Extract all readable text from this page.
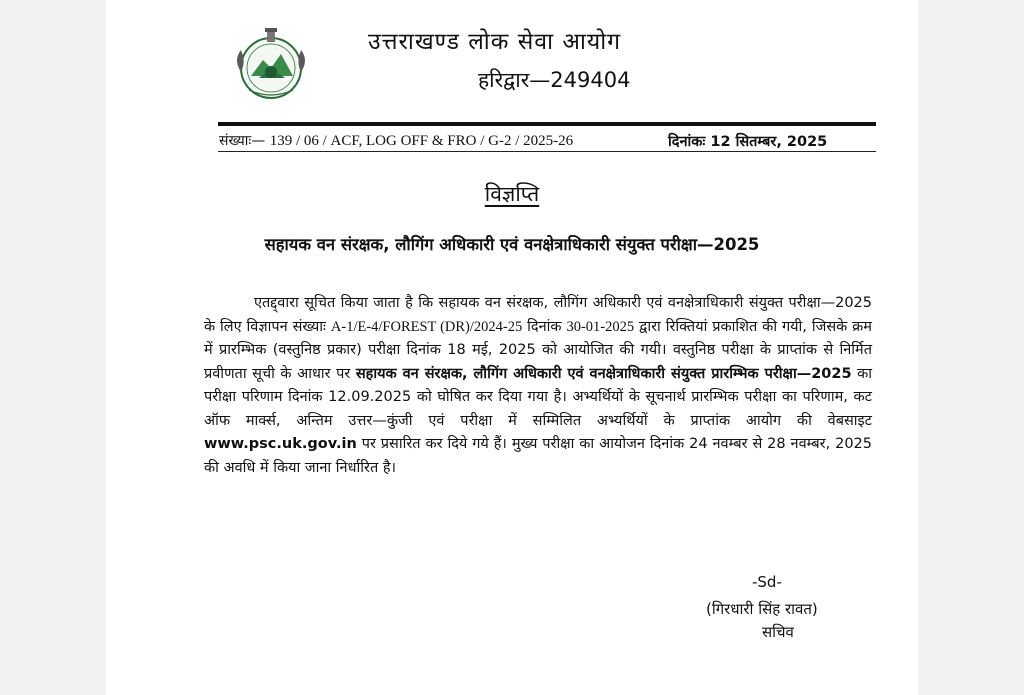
उत्तराखण्ड लोक सेवा आयोग
हरिद्वार—249404
संख्याः— 139 / 06 / ACF, LOG OFF & FRO / G-2 / 2025-26	दिनांकः 12 सितम्बर, 2025
विज्ञप्ति
सहायक वन संरक्षक, लौगिंग अधिकारी एवं वनक्षेत्राधिकारी संयुक्त परीक्षा—2025

एतद्द्वारा सूचित किया जाता है कि सहायक वन संरक्षक, लौगिंग अधिकारी एवं वनक्षेत्राधिकारी संयुक्त परीक्षा—2025 के लिए विज्ञापन संख्याः A-1/E-4/FOREST (DR)/2024-25 दिनांक 30-01-2025 द्वारा रिक्तियां प्रकाशित की गयी, जिसके क्रम में प्रारम्भिक (वस्तुनिष्ठ प्रकार) परीक्षा दिनांक 18 मई, 2025 को आयोजित की गयी। वस्तुनिष्ठ परीक्षा के प्राप्तांक से निर्मित प्रवीणता सूची के आधार पर सहायक वन संरक्षक, लौगिंग अधिकारी एवं वनक्षेत्राधिकारी संयुक्त प्रारम्भिक परीक्षा—2025 का परीक्षा परिणाम दिनांक 12.09.2025 को घोषित कर दिया गया है। अभ्यर्थियों के सूचनार्थ प्रारम्भिक परीक्षा का परिणाम, कट ऑफ मार्क्स, अन्तिम उत्तर—कुंजी एवं परीक्षा में सम्मिलित अभ्यर्थियों के प्राप्तांक आयोग की वेबसाइट www.psc.uk.gov.in पर प्रसारित कर दिये गये हैं। मुख्य परीक्षा का आयोजन दिनांक 24 नवम्बर से 28 नवम्बर, 2025 की अवधि में किया जाना निर्धारित है।

-Sd-
(गिरधारी सिंह रावत)
सचिव
